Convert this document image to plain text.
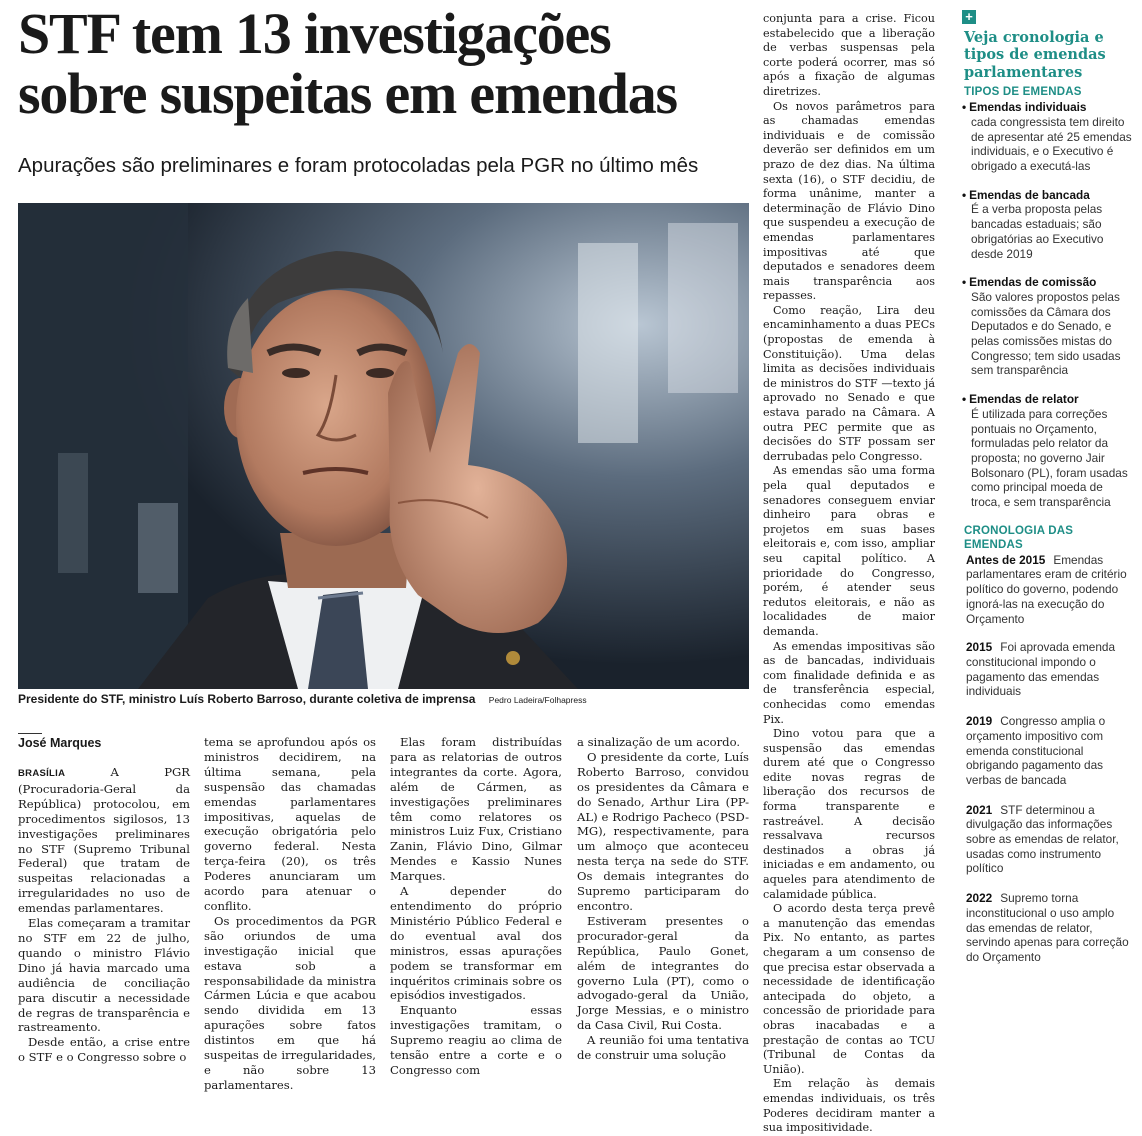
STF tem 13 investigações sobre suspeitas em emendas

Apurações são preliminares e foram protocoladas pela PGR no último mês

Presidente do STF, ministro Luís Roberto Barroso, durante coletiva de imprensa Pedro Ladeira/Folhapress
José Marques

BRASÍLIA	A PGR (Procuradoria-Geral da República) protocolou, em procedimentos sigilosos, 13 investigações preliminares no STF (Supremo Tribunal Federal) que tratam de suspeitas relacionadas a irregularidades no uso de emendas parlamentares.

Elas começaram a tramitar no STF em 22 de julho, quando o ministro Flávio Dino já havia marcado uma audiência de conciliação para discutir a necessidade de regras de transparência e rastreamento.

Desde então, a crise entre o STF e o Congresso sobre o

tema se aprofundou após os ministros decidirem, na última semana, pela suspensão das chamadas emendas parlamentares impositivas, aquelas de execução obrigatória pelo governo federal. Nesta terça-feira (20), os três Poderes anunciaram um acordo para atenuar o conflito.

Os procedimentos da PGR são oriundos de uma investigação inicial que estava sob a responsabilidade da ministra Cármen Lúcia e que acabou sendo dividida em 13 apurações sobre fatos distintos em que há suspeitas de irregularidades, e não sobre 13 parlamentares.

Elas foram distribuídas para as relatorias de outros integrantes da corte. Agora, além de Cármen, as investigações preliminares têm como relatores os ministros Luiz Fux, Cristiano Zanin, Flávio Dino, Gilmar Mendes e Kassio Nunes Marques.

A depender do entendimento do próprio Ministério Público Federal e do eventual aval dos ministros, essas apurações podem se transformar em inquéritos criminais sobre os episódios investigados.

Enquanto essas investigações tramitam, o Supremo reagiu ao clima de tensão entre a corte e o Congresso com

a sinalização de um acordo.

O presidente da corte, Luís Roberto Barroso, convidou os presidentes da Câmara e do Senado, Arthur Lira (PP-AL) e Rodrigo Pacheco (PSD-MG), respectivamente, para um almoço que aconteceu nesta terça na sede do STF. Os demais integrantes do Supremo participaram do encontro.

Estiveram presentes o procurador-geral da República, Paulo Gonet, além de integrantes do governo Lula (PT), como o advogado-geral da União, Jorge Messias, e o ministro da Casa Civil, Rui Costa.

A reunião foi uma tentativa de construir uma solução

conjunta para a crise. Ficou estabelecido que a liberação de verbas suspensas pela corte poderá ocorrer, mas só após a fixação de algumas diretrizes.

Os novos parâmetros para as chamadas emendas individuais e de comissão deverão ser definidos em um prazo de dez dias. Na última sexta (16), o STF decidiu, de forma unânime, manter a determinação de Flávio Dino que suspendeu a execução de emendas parlamentares impositivas até que deputados e senadores deem mais transparência aos repasses.

Como reação, Lira deu encaminhamento a duas PECs (propostas de emenda à Constituição). Uma delas limita as decisões individuais de ministros do STF —texto já aprovado no Senado e que estava parado na Câmara. A outra PEC permite que as decisões do STF possam ser derrubadas pelo Congresso.

As emendas são uma forma pela qual deputados e senadores conseguem enviar dinheiro para obras e projetos em suas bases eleitorais e, com isso, ampliar seu capital político. A prioridade do Congresso, porém, é atender seus redutos eleitorais, e não as localidades de maior demanda.

As emendas impositivas são as de bancadas, individuais com finalidade definida e as de transferência especial, conhecidas como emendas Pix.

Dino votou para que a suspensão das emendas durem até que o Congresso edite novas regras de liberação dos recursos de forma transparente e rastreável. A decisão ressalvava recursos destinados a obras já iniciadas e em andamento, ou aqueles para atendimento de calamidade pública.

O acordo desta terça prevê a manutenção das emendas Pix. No entanto, as partes chegaram a um consenso de que precisa estar observada a necessidade de identificação antecipada do objeto, a concessão de prioridade para obras inacabadas e a prestação de contas ao TCU (Tribunal de Contas da União).

Em relação às demais emendas individuais, os três Poderes decidiram manter a sua impositividade.

+
Veja cronologia e tipos de emendas parlamentares
TIPOS DE EMENDAS
• Emendas individuais
cada congressista tem direito de apresentar até 25 emendas individuais, e o Executivo é obrigado a executá-las
• Emendas de bancada
É a verba proposta pelas bancadas estaduais; são obrigatórias ao Executivo desde 2019
• Emendas de comissão
São valores propostos pelas comissões da Câmara dos Deputados e do Senado, e pelas comissões mistas do Congresso; tem sido usadas sem transparência
• Emendas de relator
É utilizada para correções pontuais no Orçamento, formuladas pelo relator da proposta; no governo Jair Bolsonaro (PL), foram usadas como principal moeda de troca, e sem transparência
CRONOLOGIA DAS EMENDAS
Antes de 2015 Emendas parlamentares eram de critério político do governo, podendo ignorá-las na execução do Orçamento
2015 Foi aprovada emenda constitucional impondo o pagamento das emendas individuais
2019 Congresso amplia o orçamento impositivo com emenda constitucional obrigando pagamento das verbas de bancada
2021 STF determinou a divulgação das informações sobre as emendas de relator, usadas como instrumento político
2022 Supremo torna inconstitucional o uso amplo das emendas de relator, servindo apenas para correção do Orçamento
